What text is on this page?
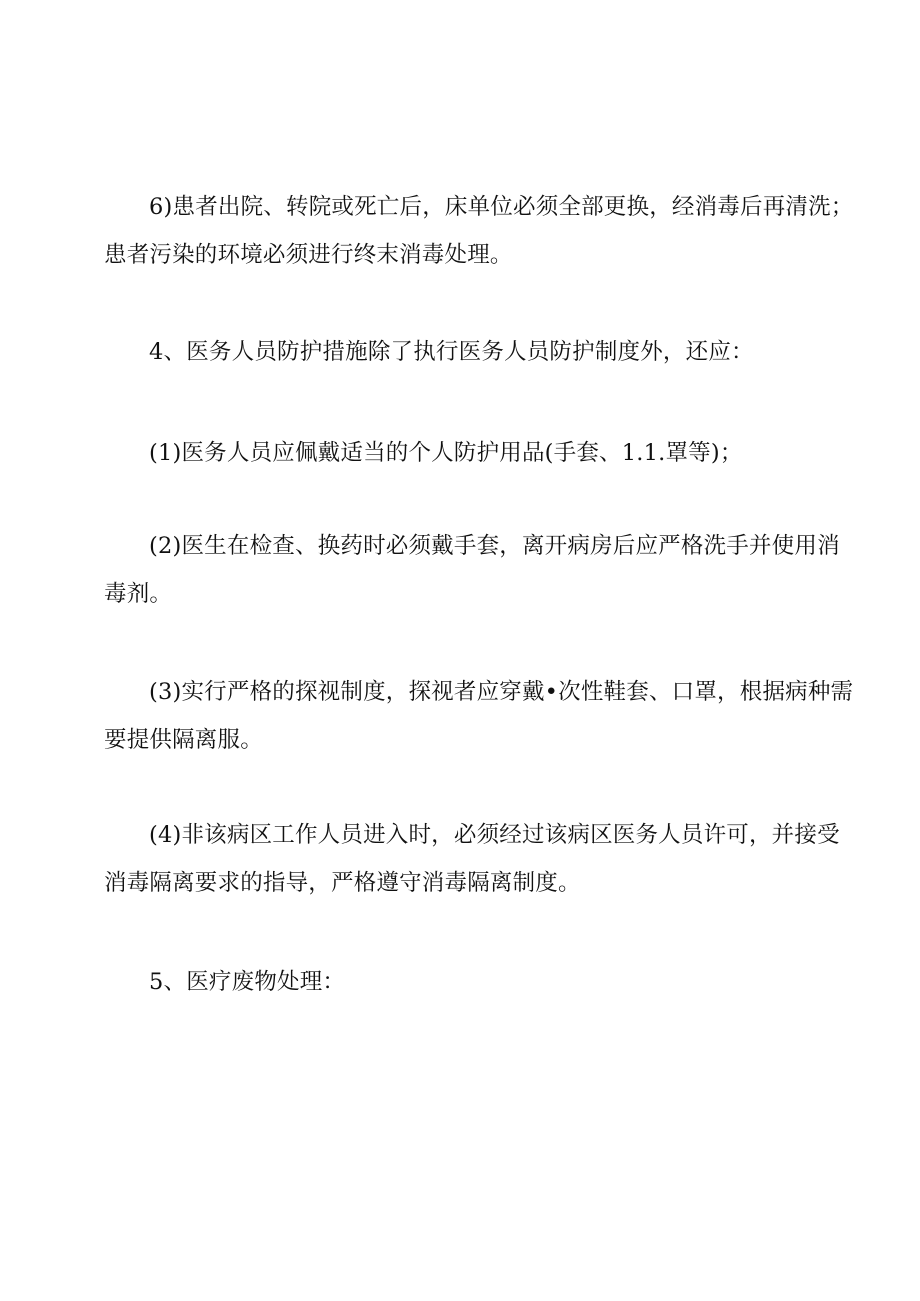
6)患者出院、转院或死亡后，床单位必须全部更换，经消毒后再清洗；
患者污染的环境必须进行终末消毒处理。

4、医务人员防护措施除了执行医务人员防护制度外，还应：

(1)医务人员应佩戴适当的个人防护用品(手套、1.1.罩等)；

(2)医生在检查、换药时必须戴手套，离开病房后应严格洗手并使用消
毒剂。

(3)实行严格的探视制度，探视者应穿戴•次性鞋套、口罩，根据病种需
要提供隔离服。

(4)非该病区工作人员进入时，必须经过该病区医务人员许可，并接受
消毒隔离要求的指导，严格遵守消毒隔离制度。

5、医疗废物处理：
